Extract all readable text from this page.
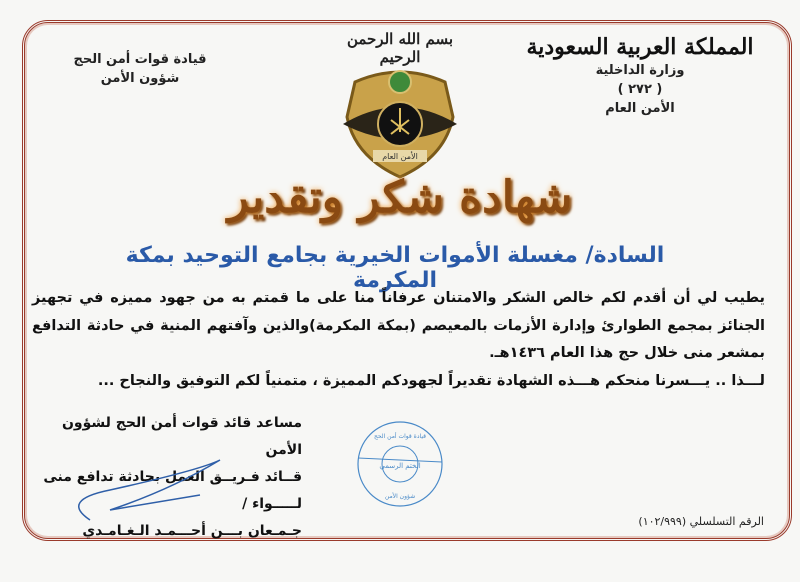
المملكة العربية السعودية
وزارة الداخلية
( ٢٧٢ )
الأمن العام
قيادة قوات أمن الحج
شؤون الأمن
بسم الله الرحمن الرحيم
الأمن العام
شهادة شكر وتقدير
السادة/ مغسلة الأموات الخيرية بجامع التوحيد بمكة المكرمة

يطيب لي أن أقدم لكم خالص الشكر والامتنان عرفاناً منا على ما قمتم به من جهود مميزه في تجهيز الجنائز بمجمع الطوارئ وإدارة الأزمات بالمعيصم (بمكة المكرمة)والذين وآفتهم المنية في حادثة التدافع بمشعر منى خلال حج هذا العام ١٤٣٦هـ.

لـــذا .. يـــسرنا منحكم هـــذه الشهادة تقديراً لجهودكم المميزة ، متمنياً لكم التوفيق والنجاح ...

مساعد قائد قوات أمن الحج لشؤون الأمن
قــائد فـريــق العمل بحادثة تدافع منى
لـــــواء /
جـمـعان بـــن أحـــمـد الـغـامـدي
قيادة قوات أمن الحج
الختم الرسمي
شؤون الأمن
الرقم التسلسلي (١٠٢/٩٩٩)
